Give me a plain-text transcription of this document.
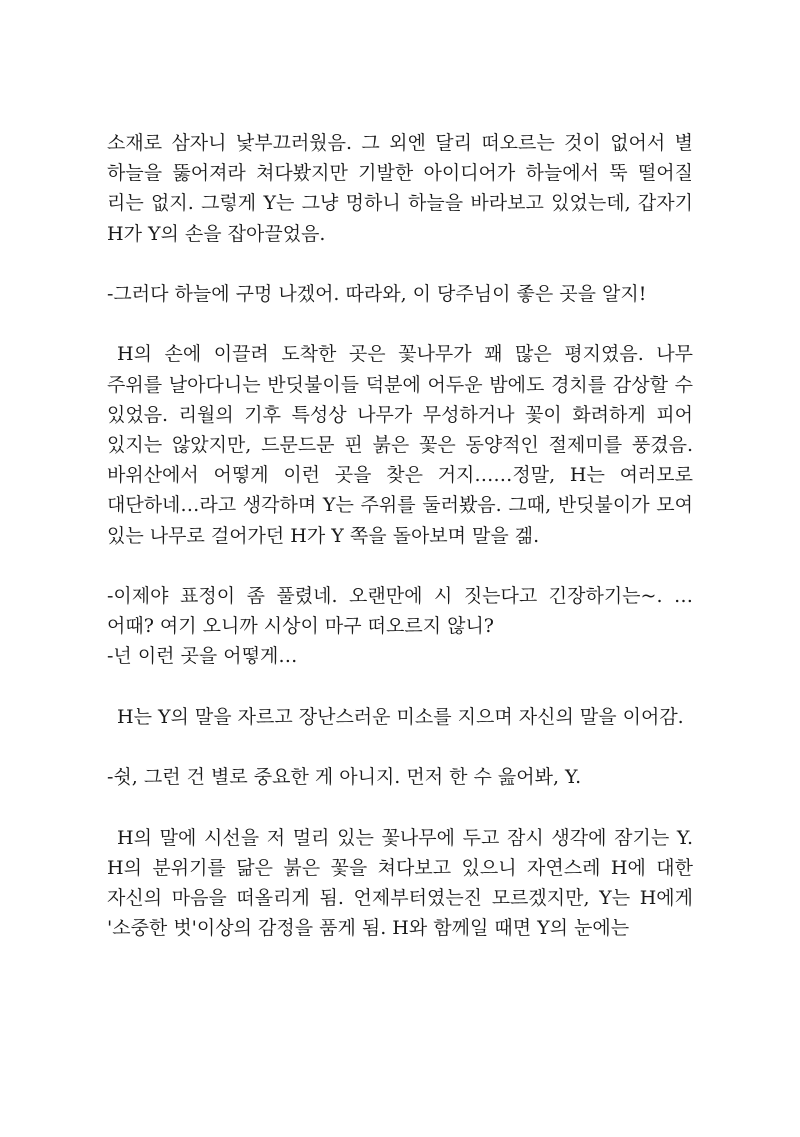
소재로 삼자니 낯부끄러웠음. 그 외엔 달리 떠오르는 것이 없어서 별 하늘을 뚫어져라 쳐다봤지만 기발한 아이디어가 하늘에서 뚝 떨어질 리는 없지. 그렇게 Y는 그냥 멍하니 하늘을 바라보고 있었는데, 갑자기 H가 Y의 손을 잡아끌었음.

-그러다 하늘에 구멍 나겠어. 따라와, 이 당주님이 좋은 곳을 알지!

H의 손에 이끌려 도착한 곳은 꽃나무가 꽤 많은 평지였음. 나무 주위를 날아다니는 반딧불이들 덕분에 어두운 밤에도 경치를 감상할 수 있었음. 리월의 기후 특성상 나무가 무성하거나 꽃이 화려하게 피어 있지는 않았지만, 드문드문 핀 붉은 꽃은 동양적인 절제미를 풍겼음. 바위산에서 어떻게 이런 곳을 찾은 거지……정말, H는 여러모로 대단하네…라고 생각하며 Y는 주위를 둘러봤음. 그때, 반딧불이가 모여 있는 나무로 걸어가던 H가 Y 쪽을 돌아보며 말을 겖.

-이제야 표정이 좀 풀렸네. 오랜만에 시 짓는다고 긴장하기는~. …어때? 여기 오니까 시상이 마구 떠오르지 않니?

-넌 이런 곳을 어떻게…

H는 Y의 말을 자르고 장난스러운 미소를 지으며 자신의 말을 이어감.

-쉿, 그런 건 별로 중요한 게 아니지. 먼저 한 수 읊어봐, Y.

H의 말에 시선을 저 멀리 있는 꽃나무에 두고 잠시 생각에 잠기는 Y. H의 분위기를 닮은 붉은 꽃을 쳐다보고 있으니 자연스레 H에 대한 자신의 마음을 떠올리게 됨. 언제부터였는진 모르겠지만, Y는 H에게 '소중한 벗'이상의 감정을 품게 됨. H와 함께일 때면 Y의 눈에는
